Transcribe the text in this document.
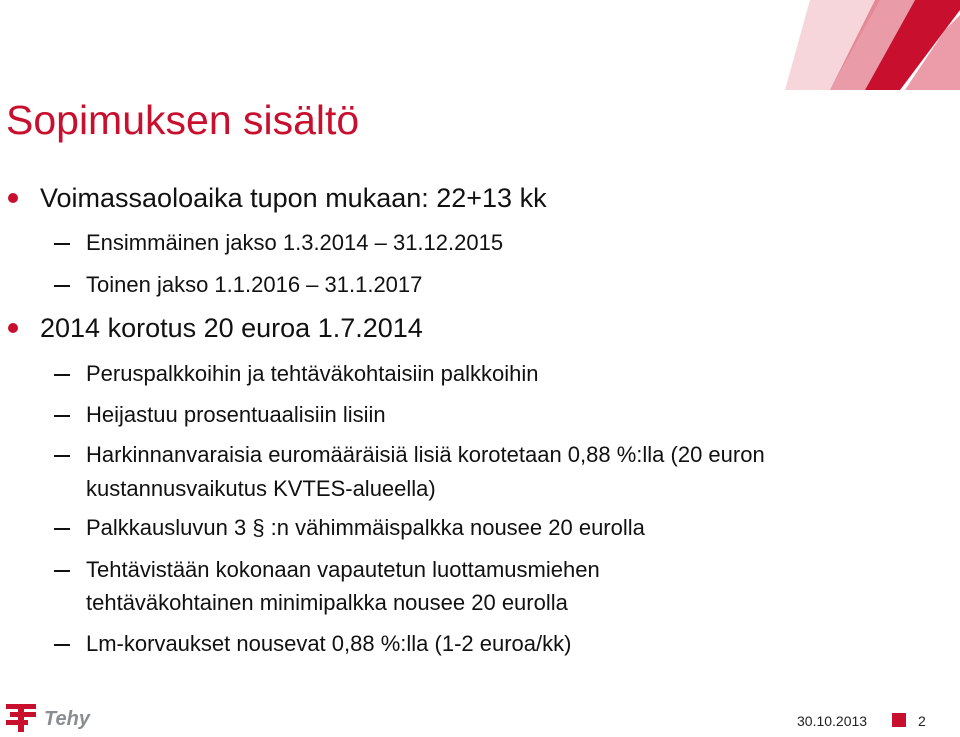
Sopimuksen sisältö
Voimassaoloaika tupon mukaan: 22+13 kk
Ensimmäinen jakso 1.3.2014 – 31.12.2015
Toinen jakso 1.1.2016 – 31.1.2017
2014 korotus 20 euroa 1.7.2014
Peruspalkkoihin ja tehtäväkohtaisiin palkkoihin
Heijastuu prosentuaalisiin lisiin
Harkinnanvaraisia euromääräisiä lisiä korotetaan 0,88 %:lla (20 euron
kustannusvaikutus KVTES-alueella)
Palkkausluvun 3 § :n vähimmäispalkka nousee 20 eurolla
Tehtävistään kokonaan vapautetun luottamusmiehen
tehtäväkohtainen minimipalkka nousee 20 eurolla
Lm-korvaukset nousevat 0,88 %:lla (1-2 euroa/kk)
Tehy	30.10.2013	2
